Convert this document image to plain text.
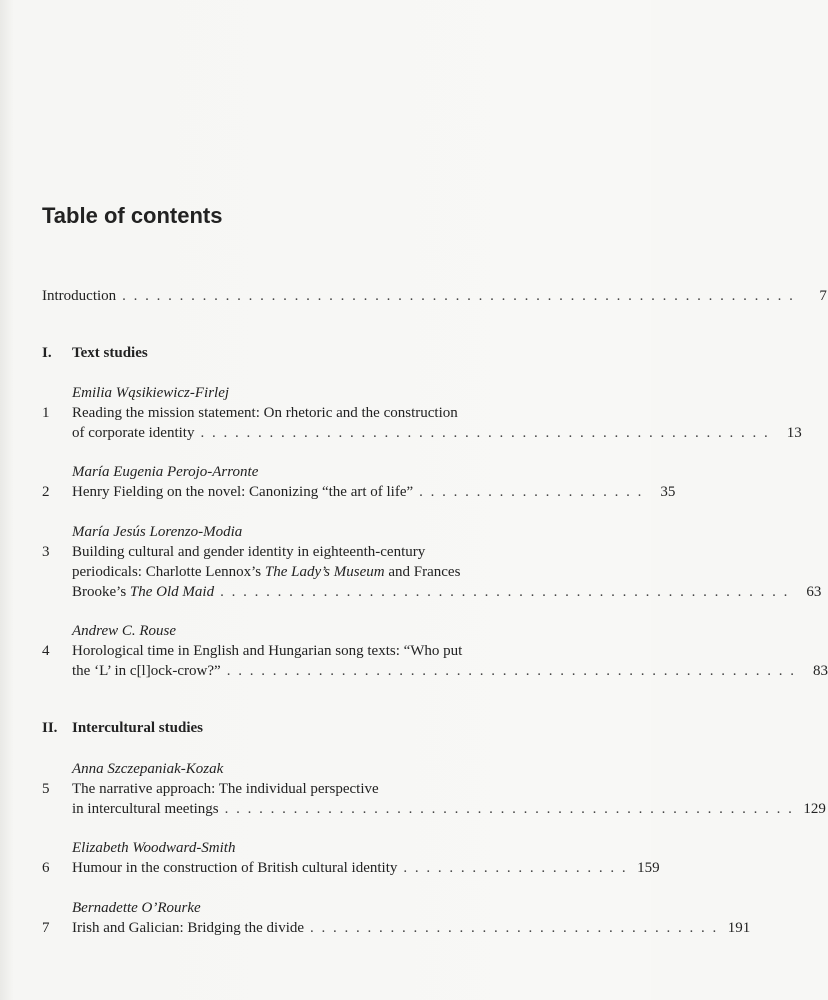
Table of contents
Introduction . . . . . . . . . . . . . . . . . . . . . . . . . . . . . . . . . . . . . . . . . . . . . . . . . . . . . . . . . . .	7
I. Text studies
Emilia Wąsikiewicz-Firlej
1	Reading the mission statement: On rhetoric and the construction
of corporate identity . . . . . . . . . . . . . . . . . . . . . . . . . . . . . . . . . . . . . . . . . . . . . . . . . .	13
María Eugenia Perojo-Arronte
2	Henry Fielding on the novel: Canonizing “the art of life” . . . . . . . . . . . . . . . . . . . .	35
María Jesús Lorenzo-Modia
3	Building cultural and gender identity in eighteenth-century
periodicals: Charlotte Lennox’s The Lady’s Museum and Frances
Brooke’s The Old Maid . . . . . . . . . . . . . . . . . . . . . . . . . . . . . . . . . . . . . . . . . . . . . . . . . .	63
Andrew C. Rouse
4	Horological time in English and Hungarian song texts: “Who put
the ‘L’ in c[l]ock-crow?” . . . . . . . . . . . . . . . . . . . . . . . . . . . . . . . . . . . . . . . . . . . . . . . . . .	83
II. Intercultural studies
Anna Szczepaniak-Kozak
5	The narrative approach: The individual perspective
in intercultural meetings . . . . . . . . . . . . . . . . . . . . . . . . . . . . . . . . . . . . . . . . . . . . . . . . . . 129
Elizabeth Woodward-Smith
6	Humour in the construction of British cultural identity . . . . . . . . . . . . . . . . . . . . 159
Bernadette O’Rourke
7	Irish and Galician: Bridging the divide . . . . . . . . . . . . . . . . . . . . . . . . . . . . . . . . . . . . 191
